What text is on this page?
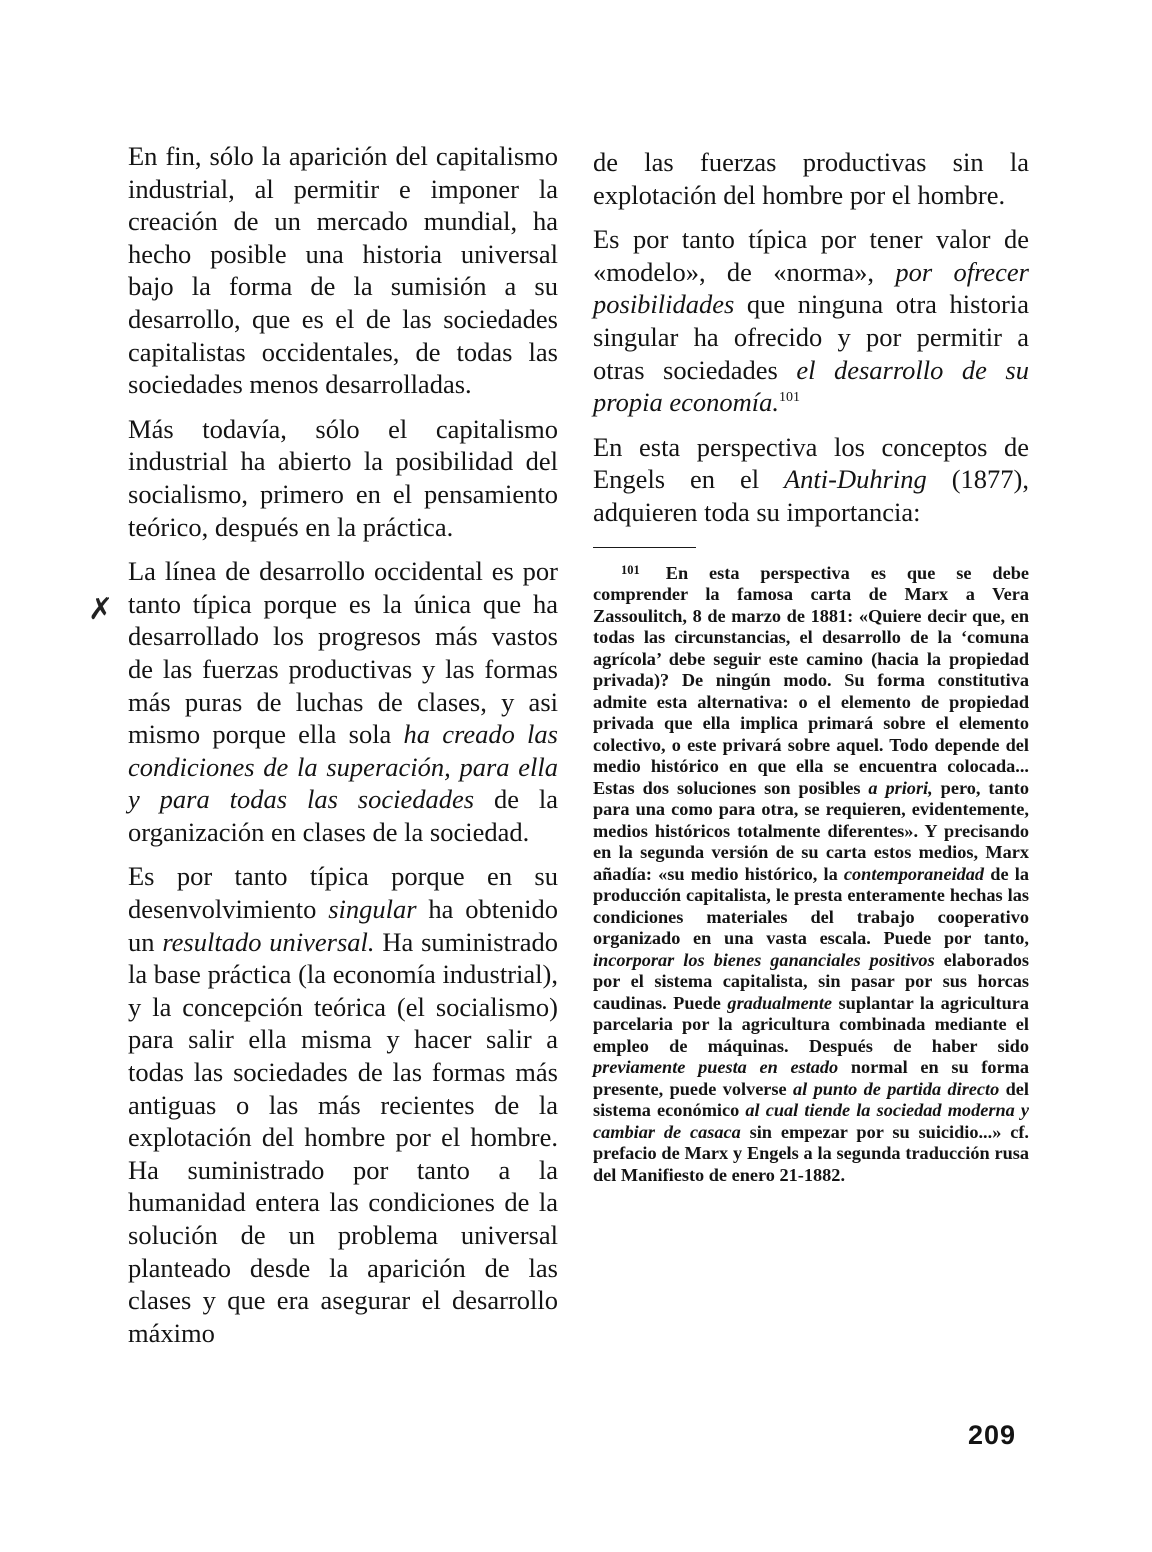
En fin, sólo la aparición del capitalismo industrial, al permitir e imponer la creación de un mercado mundial, ha hecho posible una historia universal bajo la forma de la sumisión a su desarrollo, que es el de las sociedades capitalistas occidentales, de todas las sociedades menos desarrolladas.

Más todavía, sólo el capitalismo industrial ha abierto la posibilidad del socialismo, primero en el pensamiento teórico, después en la práctica.

La línea de desarrollo occidental es por tanto típica porque es la única que ha desarrollado los progresos más vastos de las fuerzas productivas y las formas más puras de luchas de clases, y asi mismo porque ella sola ha creado las condiciones de la superación, para ella y para todas las sociedades de la organización en clases de la sociedad.

Es por tanto típica porque en su desenvolvimiento singular ha obtenido un resultado universal. Ha suministrado la base práctica (la economía industrial), y la concepción teórica (el socialismo) para salir ella misma y hacer salir a todas las sociedades de las formas más antiguas o las más recientes de la explotación del hombre por el hombre. Ha suministrado por tanto a la humanidad entera las condiciones de la solución de un problema universal planteado desde la aparición de las clases y que era asegurar el desarrollo máximo

de las fuerzas productivas sin la explotación del hombre por el hombre.

Es por tanto típica por tener valor de «modelo», de «norma», por ofrecer posibilidades que ninguna otra historia singular ha ofrecido y por permitir a otras sociedades el desarrollo de su propia economía.$^{101}$

En esta perspectiva los conceptos de Engels en el Anti-Duhring (1877), adquieren toda su importancia:

$^{101}$ En esta perspectiva es que se debe comprender la famosa carta de Marx a Vera Zassoulitch, 8 de marzo de 1881: «Quiere decir que, en todas las circunstancias, el desarrollo de la ‘comuna agrícola’ debe seguir este camino (hacia la propiedad privada)? De ningún modo. Su forma constitutiva admite esta alternativa: o el elemento de propiedad privada que ella implica primará sobre el elemento colectivo, o este privará sobre aquel. Todo depende del medio histórico en que ella se encuentra colocada... Estas dos soluciones son posibles a priori, pero, tanto para una como para otra, se requieren, evidentemente, medios históricos totalmente diferentes». Y precisando en la segunda versión de su carta estos medios, Marx añadía: «su medio histórico, la contemporaneidad de la producción capitalista, le presta enteramente hechas las condiciones materiales del trabajo cooperativo organizado en una vasta escala. Puede por tanto, incorporar los bienes gananciales positivos elaborados por el sistema capitalista, sin pasar por sus horcas caudinas. Puede gradualmente suplantar la agricultura parcelaria por la agricultura combinada mediante el empleo de máquinas. Después de haber sido previamente puesta en estado normal en su forma presente, puede volverse al punto de partida directo del sistema económico al cual tiende la sociedad moderna y cambiar de casaca sin empezar por su suicidio...» cf. prefacio de Marx y Engels a la segunda traducción rusa del Manifiesto de enero 21-1882.

✗
209
